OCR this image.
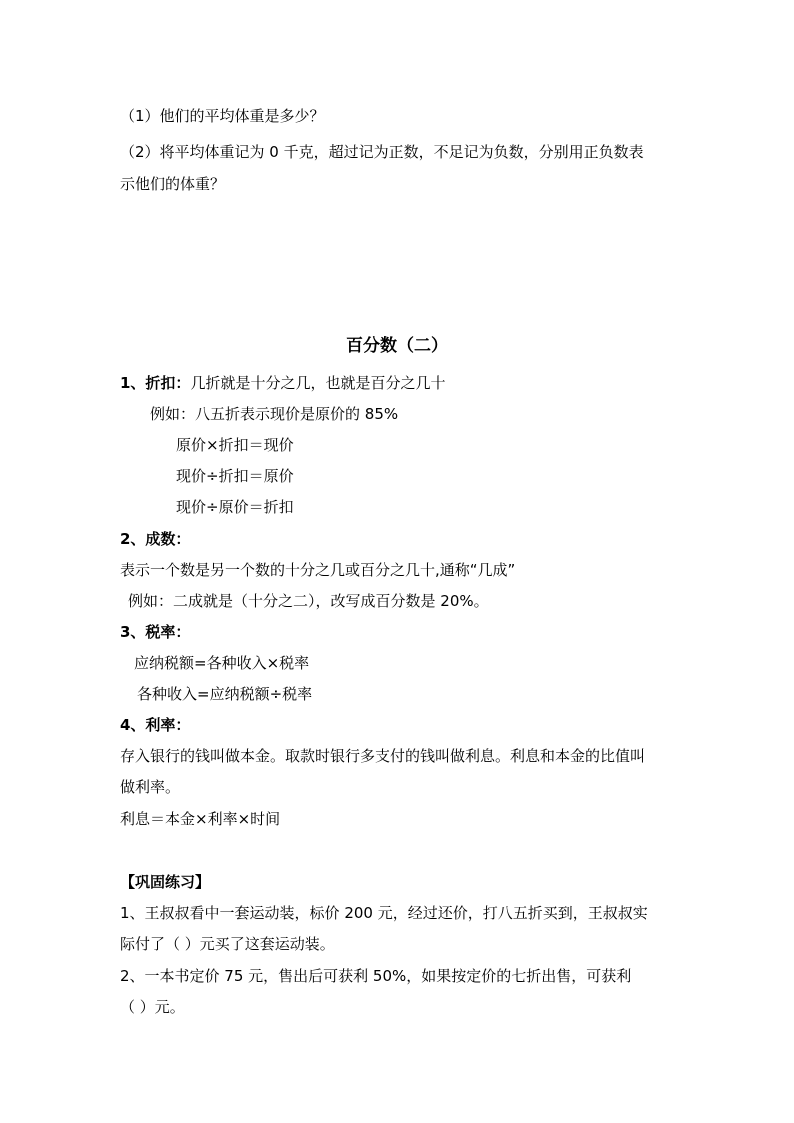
（1）他们的平均体重是多少？
（2）将平均体重记为 0 千克，超过记为正数，不足记为负数，分别用正负数表
示他们的体重？
百分数（二）
1、折扣：几折就是十分之几，也就是百分之几十
例如：八五折表示现价是原价的 85%
原价×折扣＝现价
现价÷折扣＝原价
现价÷原价＝折扣
2、成数：
表示一个数是另一个数的十分之几或百分之几十,通称“几成”
例如：二成就是（十分之二），改写成百分数是 20%。
3、税率：
应纳税额=各种收入×税率
各种收入=应纳税额÷税率
4、利率：
存入银行的钱叫做本金。取款时银行多支付的钱叫做利息。利息和本金的比值叫
做利率。
利息＝本金×利率×时间
【巩固练习】
1、王叔叔看中一套运动装，标价 200 元，经过还价，打八五折买到，王叔叔实
际付了（ ）元买了这套运动装。
2、一本书定价 75 元，售出后可获利 50%，如果按定价的七折出售，可获利
（ ）元。
